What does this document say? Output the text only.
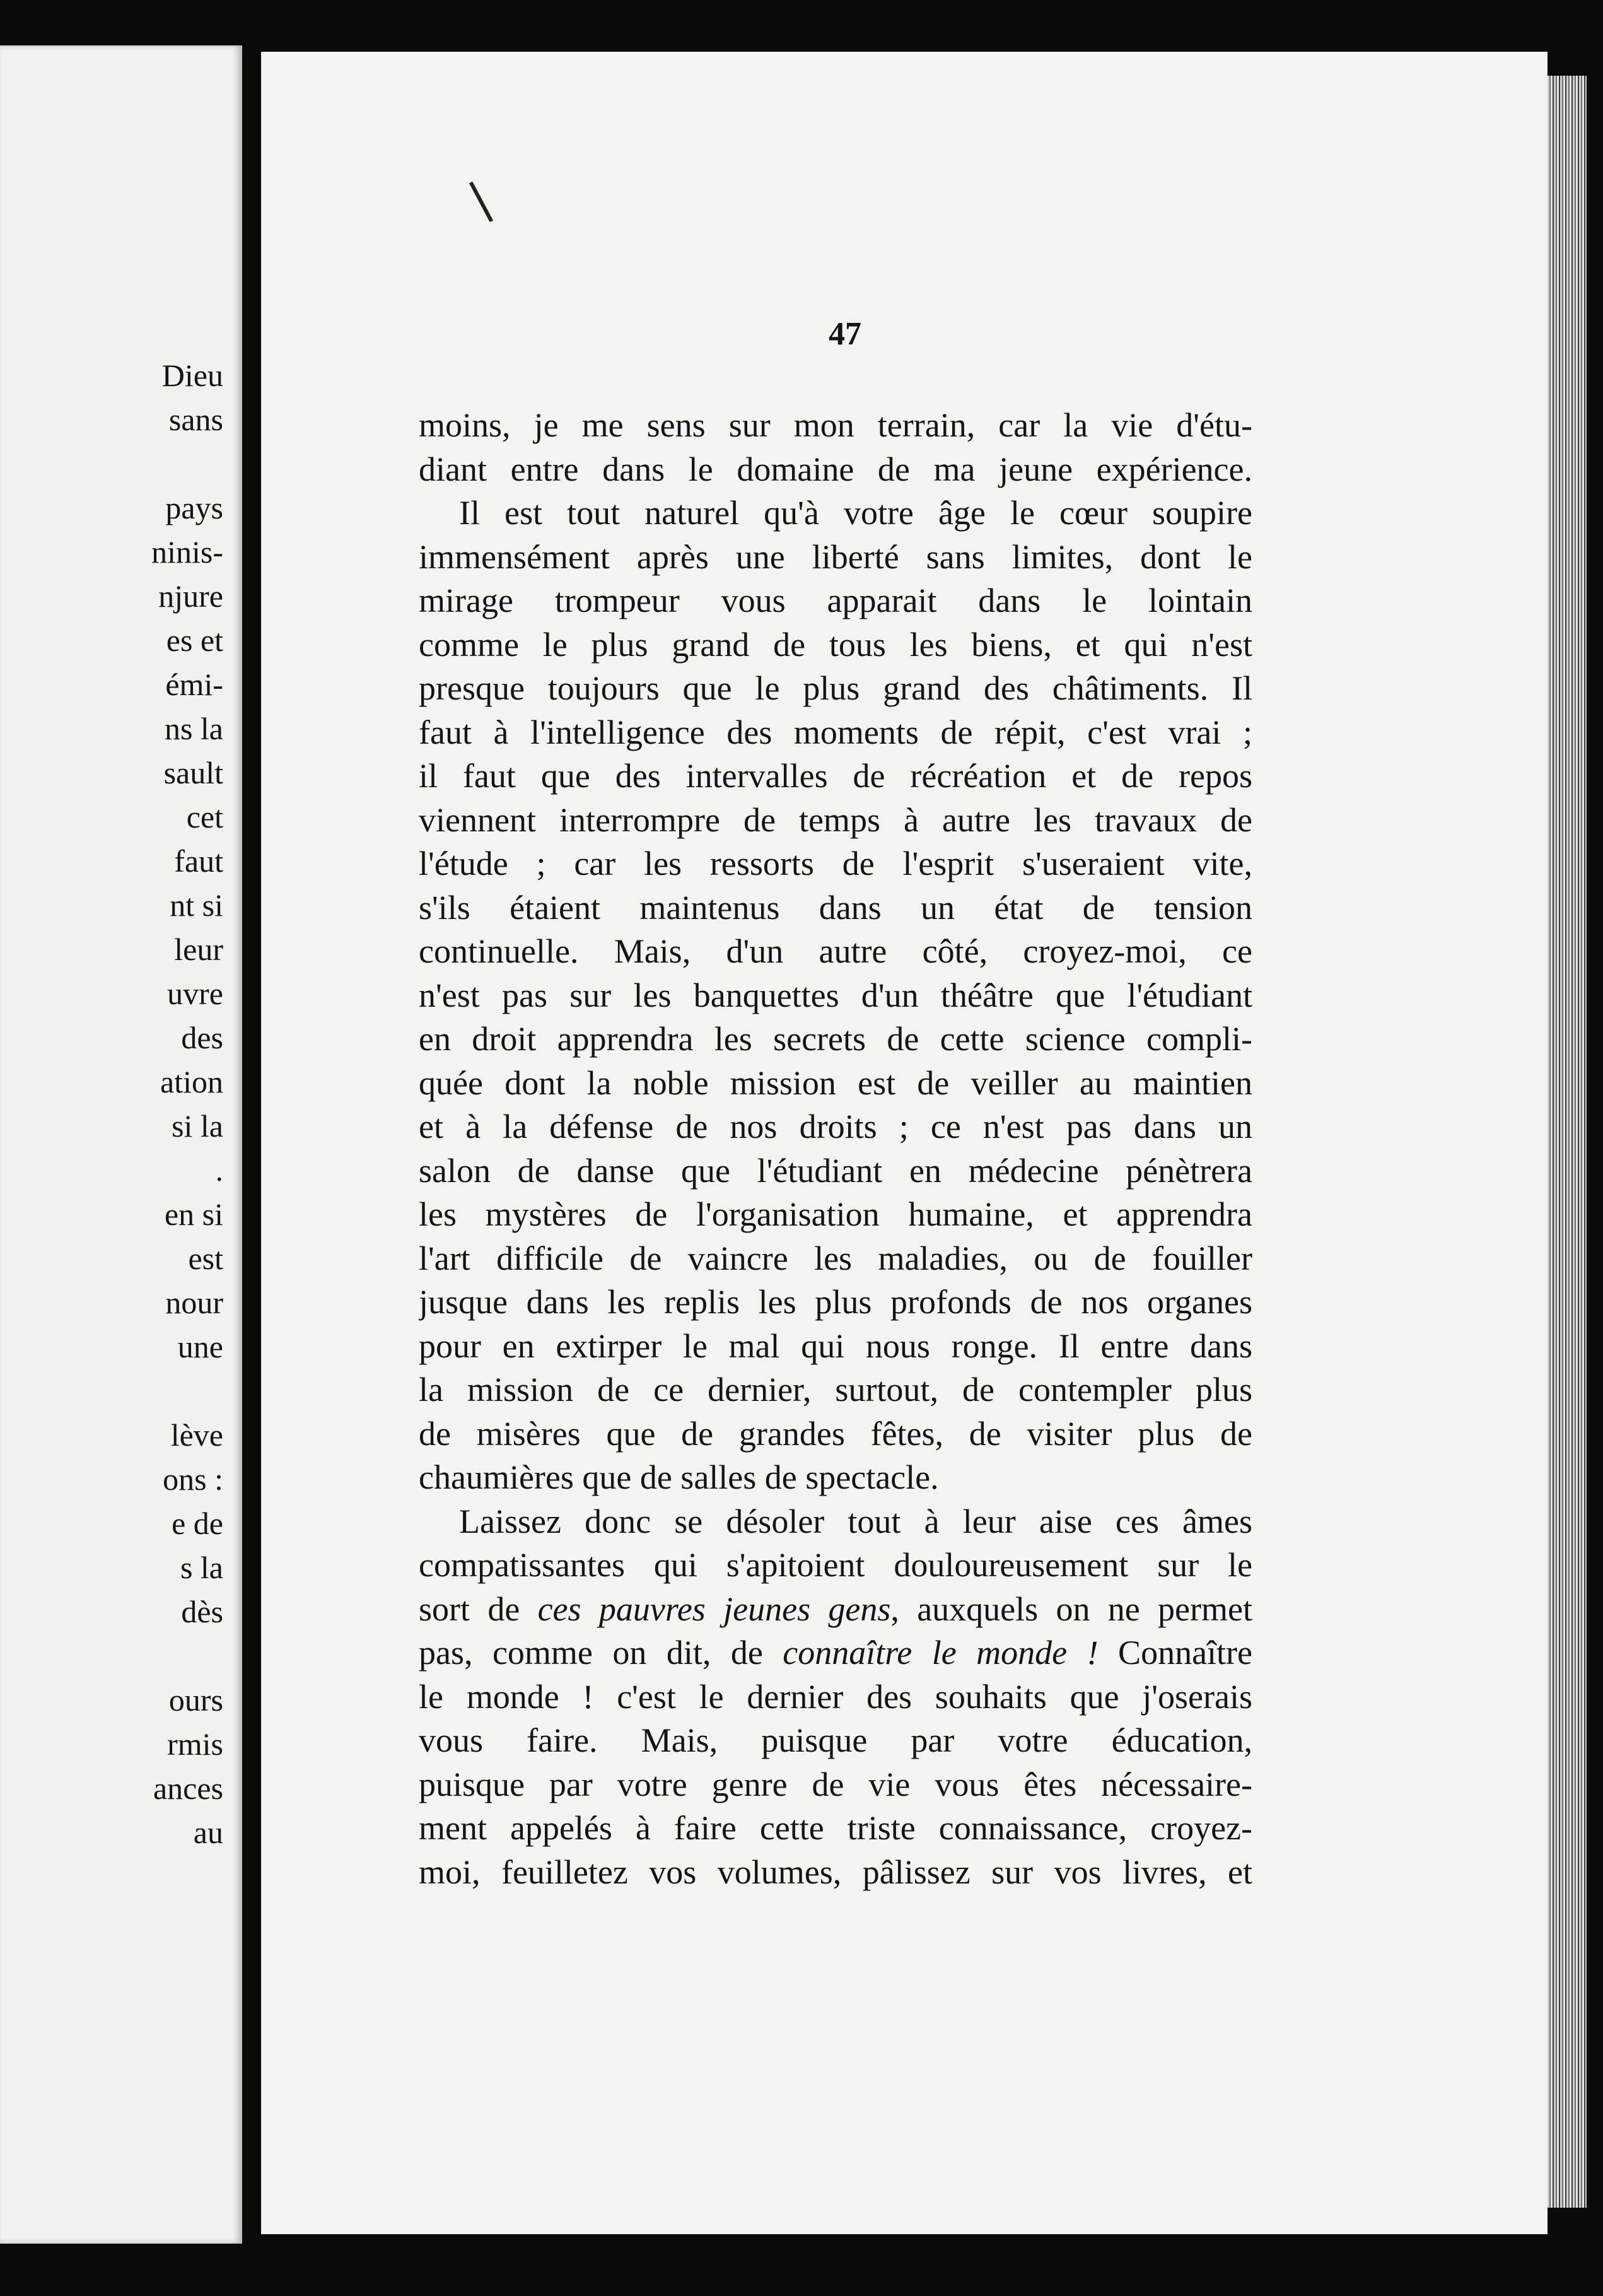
Dieu
sans
pays
ninis-
njure
es et
émi-
ns la
sault
cet
faut
nt si
leur
uvre
des
ation
si la
.
en si
est
nour
une
lève
ons :
e de
s la
dès
ours
rmis
ances
au
47
moins, je me sens sur mon terrain, car la vie d'étu-
diant entre dans le domaine de ma jeune expérience.
Il est tout naturel qu'à votre âge le cœur soupire
immensément après une liberté sans limites, dont le
mirage trompeur vous apparait dans le lointain
comme le plus grand de tous les biens, et qui n'est
presque toujours que le plus grand des châtiments. Il
faut à l'intelligence des moments de répit, c'est vrai ;
il faut que des intervalles de récréation et de repos
viennent interrompre de temps à autre les travaux de
l'étude ; car les ressorts de l'esprit s'useraient vite,
s'ils étaient maintenus dans un état de tension
continuelle. Mais, d'un autre côté, croyez-moi, ce
n'est pas sur les banquettes d'un théâtre que l'étudiant
en droit apprendra les secrets de cette science compli-
quée dont la noble mission est de veiller au maintien
et à la défense de nos droits ; ce n'est pas dans un
salon de danse que l'étudiant en médecine pénètrera
les mystères de l'organisation humaine, et apprendra
l'art difficile de vaincre les maladies, ou de fouiller
jusque dans les replis les plus profonds de nos organes
pour en extirper le mal qui nous ronge. Il entre dans
la mission de ce dernier, surtout, de contempler plus
de misères que de grandes fêtes, de visiter plus de
chaumières que de salles de spectacle.
Laissez donc se désoler tout à leur aise ces âmes
compatissantes qui s'apitoient douloureusement sur le
sort de ces pauvres jeunes gens, auxquels on ne permet
pas, comme on dit, de connaître le monde ! Connaître
le monde ! c'est le dernier des souhaits que j'oserais
vous faire. Mais, puisque par votre éducation,
puisque par votre genre de vie vous êtes nécessaire-
ment appelés à faire cette triste connaissance, croyez-
moi, feuilletez vos volumes, pâlissez sur vos livres, et
